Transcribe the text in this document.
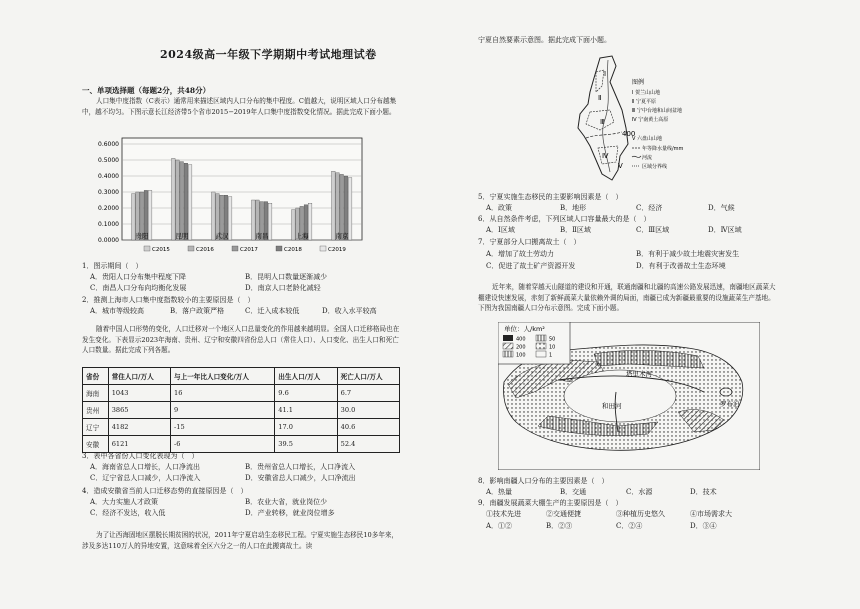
2024级高一年级下学期期中考试地理试卷
一、单项选择题（每题2分，共48分）
人口集中度指数（C表示）通常用来描述区域内人口分布的集中程度。C值越大，说明区域人口分布越集中，越不均匀。下图示意长江经济带5个省市2015−2019年人口集中度指数变化情况。据此完成下面小题。
0.0000
0.1000
0.2000
0.3000
0.4000
0.5000
0.6000
贵阳	昆明	武汉	南昌	上海	南京
C2015	C2016	C2017	C2018	C2019
1．图示期间（　）
A．贵阳人口分布集中程度下降	B．昆明人口数量逐渐减少
C．南昌人口分布向均衡化发展	D．南京人口老龄化减轻
2．推测上海市人口集中度指数较小的主要原因是（　）
A．城市等级较高	B．落户政策严格	C．迁入成本较低	D．收入水平较高
随着中国人口形势的变化，人口迁移对一个地区人口总量变化的作用越来越明显。全国人口迁移格局也在发生变化。下表显示2023年海南、贵州、辽宁和安徽四省份总人口（常住人口）、人口变化、出生人口和死亡人口数量。据此完成下列各题。
省份	常住人口/万人	与上一年比人口变化/万人	出生人口/万人	死亡人口/万人
海南	1043	16	9.6	6.7
贵州	3865	9	41.1	30.0
辽宁	4182	-15	17.0	40.6
安徽	6121	-6	39.5	52.4
3．表中各省份人口变化表现为（　）
A．海南省总人口增长，人口净流出	B．贵州省总人口增长，人口净流入
C．辽宁省总人口减少，人口净流入	D．安徽省总人口减少，人口净流出
4．造成安徽省当前人口迁移态势的直接原因是（　）
A．大力实施人才政策	B．农业大省，就业岗位少
C．经济不发达，收入低	D．产业转移，就业岗位增多
为了让西海固地区摆脱长期贫困的状况，2011年宁夏启动生态移民工程。宁夏实施生态移民10多年来，涉及多达110万人的异地安置，这意味着全区六分之一的人口在此搬离故土。读
宁夏自然要素示意图。据此完成下面小题。
Ⅰ
Ⅱ
Ⅲ
Ⅳ
Ⅴ
400
图例
Ⅰ 贺兰山山地
Ⅱ 宁夏平原
Ⅲ 宁中台地和山间盆地
Ⅳ 宁南黄土高原
Ⅴ 六盘山山地
年等降水量线/mm
河流
区域分界线
5．宁夏实施生态移民的主要影响因素是（　）
A．政策	B．地形	C．经济	D．气候
6．从自然条件考虑，下列区域人口容量最大的是（　）
A．Ⅰ区域	B．Ⅱ区域	C．Ⅲ区域	D．Ⅳ区域
7．宁夏部分人口搬离故土（　）
A．增加了故土劳动力	B．有利于减少故土地震灾害发生
C．促进了故土矿产资源开发	D．有利于改善故土生态环境
近年来，随着穿越天山隧道的建设和开通，联通南疆和北疆的高速公路发展迅速，南疆地区蔬菜大棚建设快速发展，赤刻了新鲜蔬菜大量依赖外调的局面，南疆已成为新疆最重要的设施蔬菜生产基地。下图为我国南疆人口分布示意图。完成下面小题。
单位：人/km²
400
200
100
50
10
1
塔里木河
和田河	罗布泊
8．影响南疆人口分布的主要因素是（　）
A．热量	B．交通	C．水源	D．技术
9．南疆发展蔬菜大棚生产的主要原因是（　）
①技术先进	②交通便捷	③种植历史悠久	④市场需求大
A．①②	B．②③	C．②④	D．③④
